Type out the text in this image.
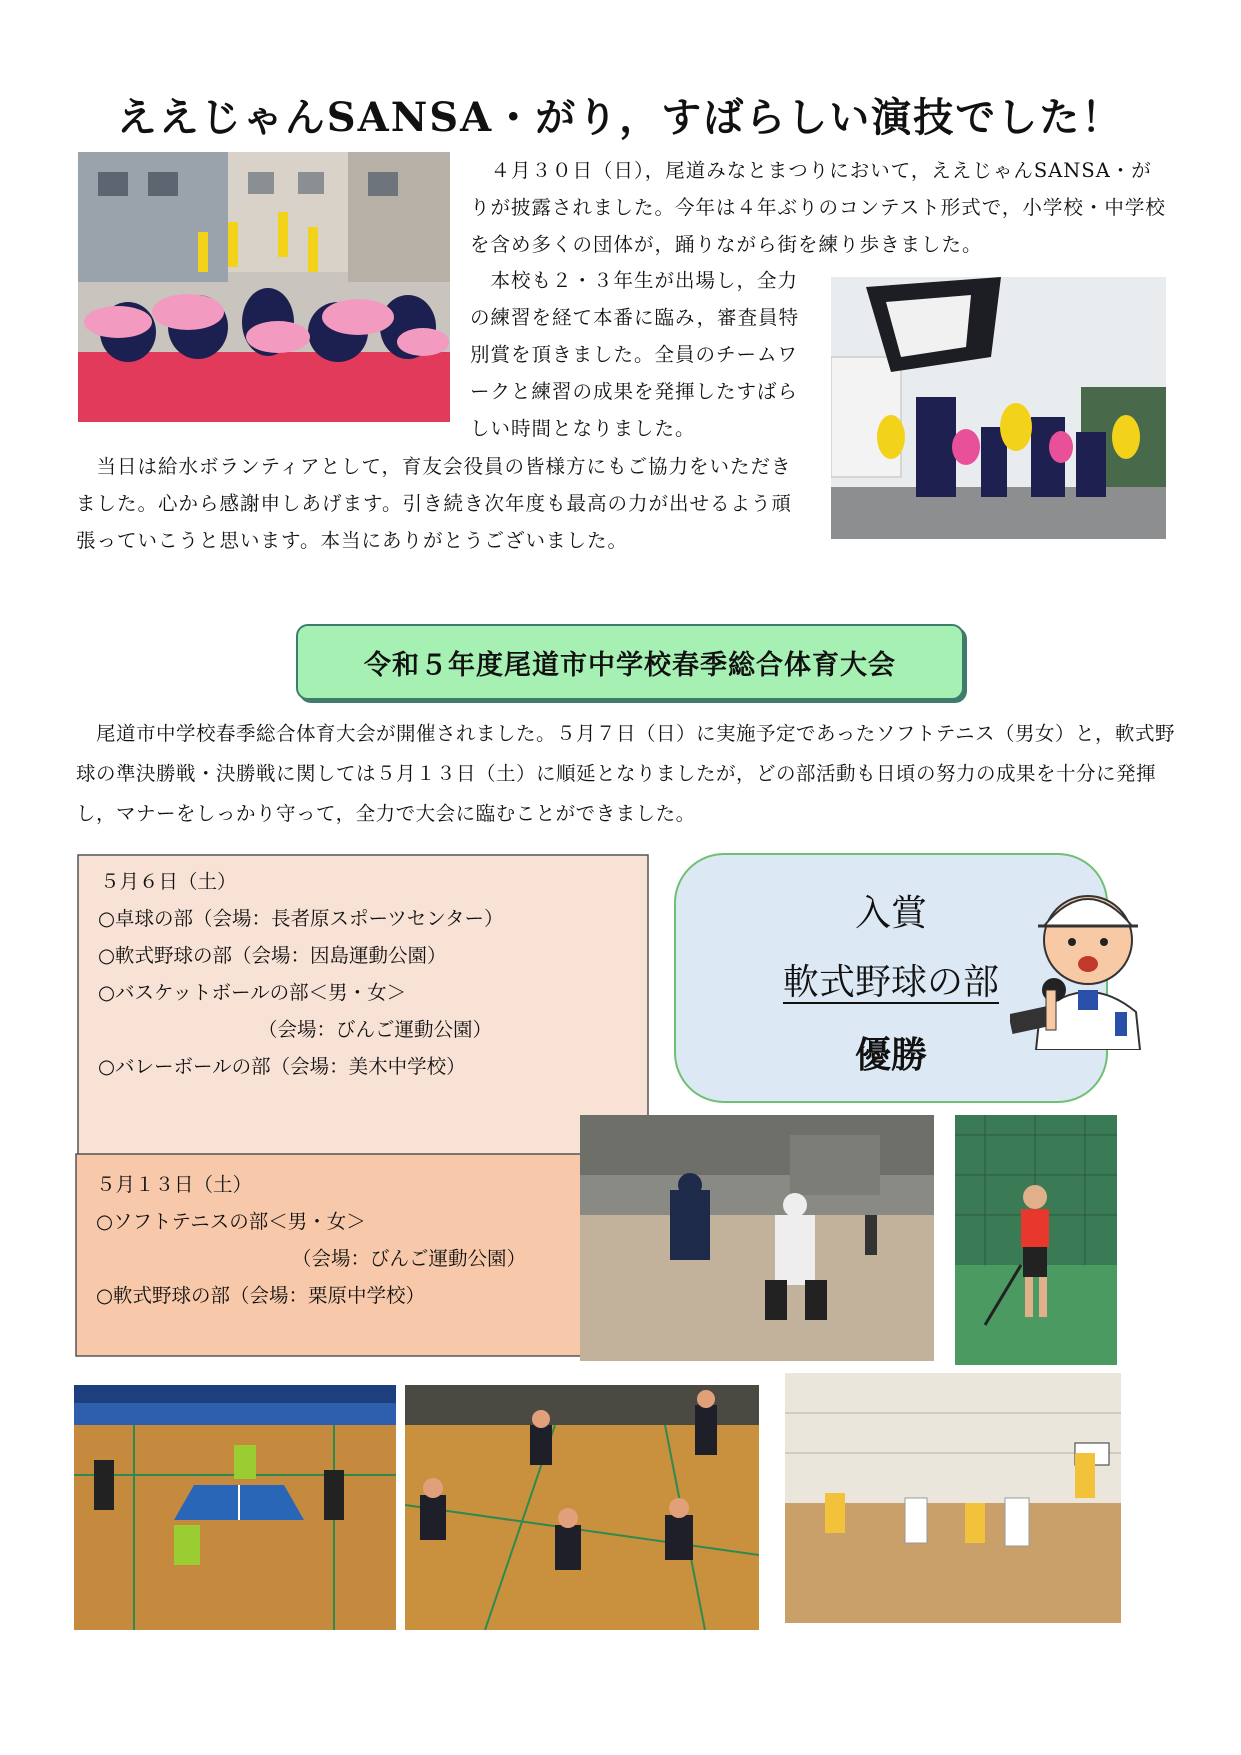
ええじゃんSANSA・がり，すばらしい演技でした！
　４月３０日（日），尾道みなとまつりにおいて，ええじゃんSANSA・がりが披露されました。今年は４年ぶりのコンテスト形式で，小学校・中学校を含め多くの団体が，踊りながら街を練り歩きました。
　本校も２・３年生が出場し，全力の練習を経て本番に臨み，審査員特別賞を頂きました。全員のチームワークと練習の成果を発揮したすばらしい時間となりました。
　当日は給水ボランティアとして，育友会役員の皆様方にもご協力をいただきました。心から感謝申しあげます。引き続き次年度も最高の力が出せるよう頑張っていこうと思います。本当にありがとうございました。
令和５年度尾道市中学校春季総合体育大会
　尾道市中学校春季総合体育大会が開催されました。５月７日（日）に実施予定であったソフトテニス（男女）と，軟式野球の準決勝戦・決勝戦に関しては５月１３日（土）に順延となりましたが，どの部活動も日頃の努力の成果を十分に発揮し，マナーをしっかり守って，全力で大会に臨むことができました。
５月６日（土）
○卓球の部（会場：長者原スポーツセンター）
○軟式野球の部（会場：因島運動公園）
○バスケットボールの部＜男・女＞
（会場：びんご運動公園）
○バレーボールの部（会場：美木中学校）
５月１３日（土）
○ソフトテニスの部＜男・女＞
（会場：びんご運動公園）
○軟式野球の部（会場：栗原中学校）
入賞
軟式野球の部
優勝
